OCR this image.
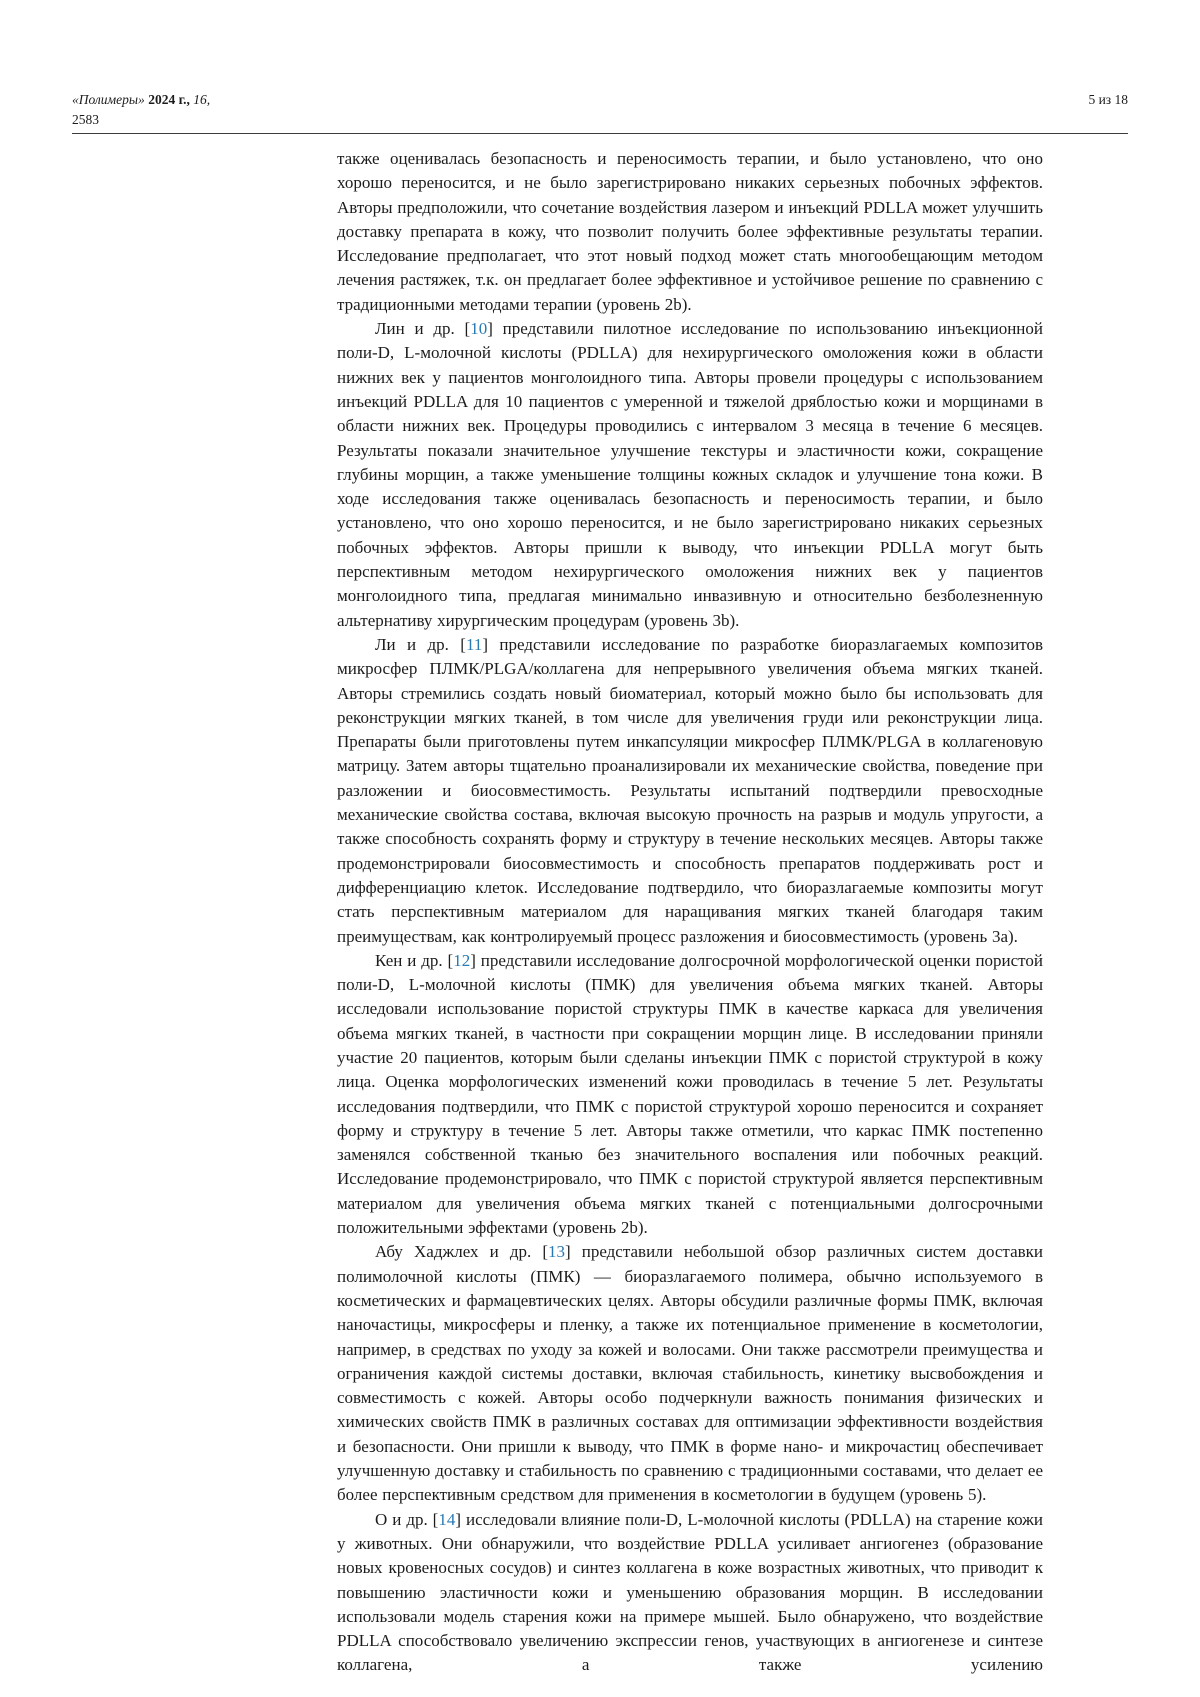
«Полимеры» 2024 г., 16,
2583
5 из 18

также оценивалась безопасность и переносимость терапии, и было установлено, что оно хорошо переносится, и не было зарегистрировано никаких серьезных побочных эффектов. Авторы предположили, что сочетание воздействия лазером и инъекций PDLLA может улучшить доставку препарата в кожу, что позволит получить более эффективные результаты терапии. Исследование предполагает, что этот новый подход может стать многообещающим методом лечения растяжек, т.к. он предлагает более эффективное и устойчивое решение по сравнению с традиционными методами терапии (уровень 2b).

Лин и др. [10] представили пилотное исследование по использованию инъекционной поли-D, L-молочной кислоты (PDLLA) для нехирургического омоложения кожи в области нижних век у пациентов монголоидного типа. Авторы провели процедуры с использованием инъекций PDLLA для 10 пациентов с умеренной и тяжелой дряблостью кожи и морщинами в области нижних век. Процедуры проводились с интервалом 3 месяца в течение 6 месяцев. Результаты показали значительное улучшение текстуры и эластичности кожи, сокращение глубины морщин, а также уменьшение толщины кожных складок и улучшение тона кожи. В ходе исследования также оценивалась безопасность и переносимость терапии, и было установлено, что оно хорошо переносится, и не было зарегистрировано никаких серьезных побочных эффектов. Авторы пришли к выводу, что инъекции PDLLA могут быть перспективным методом нехирургического омоложения нижних век у пациентов монголоидного типа, предлагая минимально инвазивную и относительно безболезненную альтернативу хирургическим процедурам (уровень 3b).

Ли и др. [11] представили исследование по разработке биоразлагаемых композитов микросфер ПЛМК/PLGA/коллагена для непрерывного увеличения объема мягких тканей. Авторы стремились создать новый биоматериал, который можно было бы использовать для реконструкции мягких тканей, в том числе для увеличения груди или реконструкции лица. Препараты были приготовлены путем инкапсуляции микросфер ПЛМК/PLGA в коллагеновую матрицу. Затем авторы тщательно проанализировали их механические свойства, поведение при разложении и биосовместимость. Результаты испытаний подтвердили превосходные механические свойства состава, включая высокую прочность на разрыв и модуль упругости, а также способность сохранять форму и структуру в течение нескольких месяцев. Авторы также продемонстрировали биосовместимость и способность препаратов поддерживать рост и дифференциацию клеток. Исследование подтвердило, что биоразлагаемые композиты могут стать перспективным материалом для наращивания мягких тканей благодаря таким преимуществам, как контролируемый процесс разложения и биосовместимость (уровень 3a).

Кен и др. [12] представили исследование долгосрочной морфологической оценки пористой поли-D, L-молочной кислоты (ПМК) для увеличения объема мягких тканей. Авторы исследовали использование пористой структуры ПМК в качестве каркаса для увеличения объема мягких тканей, в частности при сокращении морщин лице. В исследовании приняли участие 20 пациентов, которым были сделаны инъекции ПМК с пористой структурой в кожу лица. Оценка морфологических изменений кожи проводилась в течение 5 лет. Результаты исследования подтвердили, что ПМК с пористой структурой хорошо переносится и сохраняет форму и структуру в течение 5 лет. Авторы также отметили, что каркас ПМК постепенно заменялся собственной тканью без значительного воспаления или побочных реакций. Исследование продемонстрировало, что ПМК с пористой структурой является перспективным материалом для увеличения объема мягких тканей с потенциальными долгосрочными положительными эффектами (уровень 2b).

Абу Хаджлех и др. [13] представили небольшой обзор различных систем доставки полимолочной кислоты (ПМК) — биоразлагаемого полимера, обычно используемого в косметических и фармацевтических целях. Авторы обсудили различные формы ПМК, включая наночастицы, микросферы и пленку, а также их потенциальное применение в косметологии, например, в средствах по уходу за кожей и волосами. Они также рассмотрели преимущества и ограничения каждой системы доставки, включая стабильность, кинетику высвобождения и совместимость с кожей. Авторы особо подчеркнули важность понимания физических и химических свойств ПМК в различных составах для оптимизации эффективности воздействия и безопасности. Они пришли к выводу, что ПМК в форме нано- и микрочастиц обеспечивает улучшенную доставку и стабильность по сравнению с традиционными составами, что делает ее более перспективным средством для применения в косметологии в будущем (уровень 5).

О и др. [14] исследовали влияние поли-D, L-молочной кислоты (PDLLA) на старение кожи у животных. Они обнаружили, что воздействие PDLLA усиливает ангиогенез (образование новых кровеносных сосудов) и синтез коллагена в коже возрастных животных, что приводит к повышению эластичности кожи и уменьшению образования морщин. В исследовании использовали модель старения кожи на примере мышей. Было обнаружено, что воздействие PDLLA способствовало увеличению экспрессии генов, участвующих в ангиогенезе и синтезе коллагена, а также усилению
